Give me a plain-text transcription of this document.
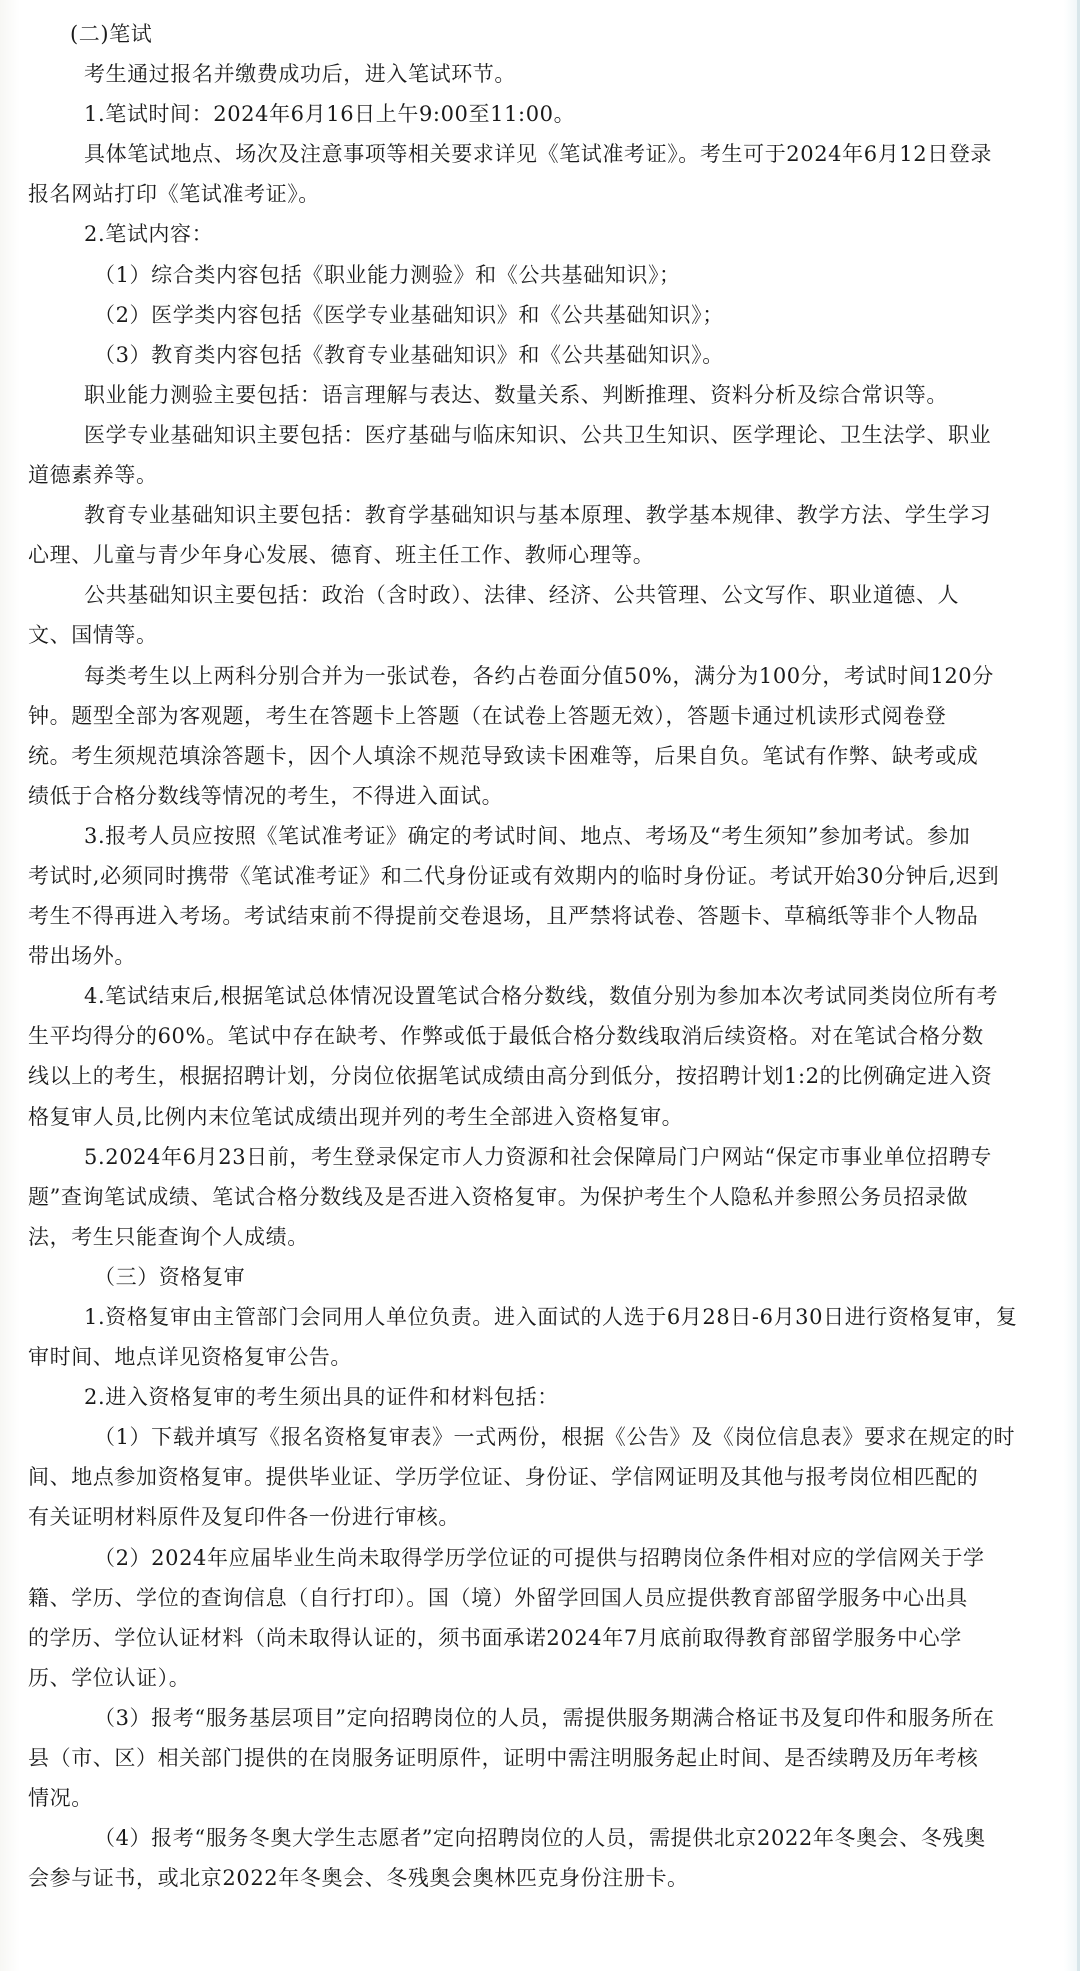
(二)笔试
考生通过报名并缴费成功后，进入笔试环节。
1.笔试时间：2024年6月16日上午9:00至11:00。
具体笔试地点、场次及注意事项等相关要求详见《笔试准考证》。考生可于2024年6月12日登录
报名网站打印《笔试准考证》。
2.笔试内容：
（1）综合类内容包括《职业能力测验》和《公共基础知识》；
（2）医学类内容包括《医学专业基础知识》和《公共基础知识》；
（3）教育类内容包括《教育专业基础知识》和《公共基础知识》。
职业能力测验主要包括：语言理解与表达、数量关系、判断推理、资料分析及综合常识等。
医学专业基础知识主要包括：医疗基础与临床知识、公共卫生知识、医学理论、卫生法学、职业
道德素养等。
教育专业基础知识主要包括：教育学基础知识与基本原理、教学基本规律、教学方法、学生学习
心理、儿童与青少年身心发展、德育、班主任工作、教师心理等。
公共基础知识主要包括：政治（含时政）、法律、经济、公共管理、公文写作、职业道德、人
文、国情等。
每类考生以上两科分别合并为一张试卷，各约占卷面分值50%，满分为100分，考试时间120分
钟。题型全部为客观题，考生在答题卡上答题（在试卷上答题无效），答题卡通过机读形式阅卷登
统。考生须规范填涂答题卡，因个人填涂不规范导致读卡困难等，后果自负。笔试有作弊、缺考或成
绩低于合格分数线等情况的考生，不得进入面试。
3.报考人员应按照《笔试准考证》确定的考试时间、地点、考场及“考生须知”参加考试。参加
考试时,必须同时携带《笔试准考证》和二代身份证或有效期内的临时身份证。考试开始30分钟后,迟到
考生不得再进入考场。考试结束前不得提前交卷退场，且严禁将试卷、答题卡、草稿纸等非个人物品
带出场外。
4.笔试结束后,根据笔试总体情况设置笔试合格分数线，数值分别为参加本次考试同类岗位所有考
生平均得分的60%。笔试中存在缺考、作弊或低于最低合格分数线取消后续资格。对在笔试合格分数
线以上的考生，根据招聘计划，分岗位依据笔试成绩由高分到低分，按招聘计划1:2的比例确定进入资
格复审人员,比例内末位笔试成绩出现并列的考生全部进入资格复审。
5.2024年6月23日前，考生登录保定市人力资源和社会保障局门户网站“保定市事业单位招聘专
题”查询笔试成绩、笔试合格分数线及是否进入资格复审。为保护考生个人隐私并参照公务员招录做
法，考生只能查询个人成绩。
（三）资格复审
1.资格复审由主管部门会同用人单位负责。进入面试的人选于6月28日-6月30日进行资格复审，复
审时间、地点详见资格复审公告。
2.进入资格复审的考生须出具的证件和材料包括：
（1）下载并填写《报名资格复审表》一式两份，根据《公告》及《岗位信息表》要求在规定的时
间、地点参加资格复审。提供毕业证、学历学位证、身份证、学信网证明及其他与报考岗位相匹配的
有关证明材料原件及复印件各一份进行审核。
（2）2024年应届毕业生尚未取得学历学位证的可提供与招聘岗位条件相对应的学信网关于学
籍、学历、学位的查询信息（自行打印）。国（境）外留学回国人员应提供教育部留学服务中心出具
的学历、学位认证材料（尚未取得认证的，须书面承诺2024年7月底前取得教育部留学服务中心学
历、学位认证）。
（3）报考“服务基层项目”定向招聘岗位的人员，需提供服务期满合格证书及复印件和服务所在
县（市、区）相关部门提供的在岗服务证明原件，证明中需注明服务起止时间、是否续聘及历年考核
情况。
（4）报考“服务冬奥大学生志愿者”定向招聘岗位的人员，需提供北京2022年冬奥会、冬残奥
会参与证书，或北京2022年冬奥会、冬残奥会奥林匹克身份注册卡。
